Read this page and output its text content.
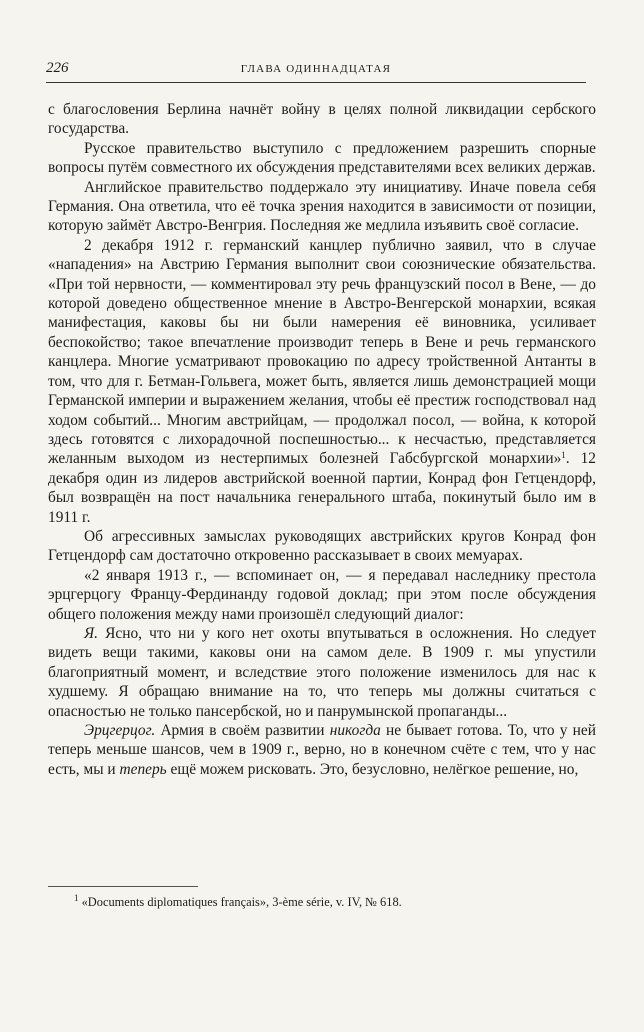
226	ГЛАВА ОДИННАДЦАТАЯ

с благословения Берлина начнёт войну в целях полной ликвидации сербского государства.

Русское правительство выступило с предложением разрешить спорные вопросы путём совместного их обсуждения представителями всех великих держав.

Английское правительство поддержало эту инициативу. Иначе повела себя Германия. Она ответила, что её точка зрения находится в зависимости от позиции, которую займёт Австро-Венгрия. Последняя же медлила изъявить своё согласие.

2 декабря 1912 г. германский канцлер публично заявил, что в случае «нападения» на Австрию Германия выполнит свои союзнические обязательства. «При той нервности, — комментировал эту речь французский посол в Вене, — до которой доведено общественное мнение в Австро-Венгерской монархии, всякая манифестация, каковы бы ни были намерения её виновника, усиливает беспокойство; такое впечатление производит теперь в Вене и речь германского канцлера. Многие усматривают провокацию по адресу тройственной Антанты в том, что для г. Бетман-Гольвега, может быть, является лишь демонстрацией мощи Германской империи и выражением желания, чтобы её престиж господствовал над ходом событий... Многим австрийцам, — продолжал посол, — война, к которой здесь готовятся с лихорадочной поспешностью... к несчастью, представляется желанным выходом из нестерпимых болезней Габсбургской монархии»$^1$. 12 декабря один из лидеров австрийской военной партии, Конрад фон Гетцендорф, был возвращён на пост начальника генерального штаба, покинутый было им в 1911 г.

Об агрессивных замыслах руководящих австрийских кругов Конрад фон Гетцендорф сам достаточно откровенно рассказывает в своих мемуарах.

«2 января 1913 г., — вспоминает он, — я передавал наследнику престола эрцгерцогу Францу-Фердинанду годовой доклад; при этом после обсуждения общего положения между нами произошёл следующий диалог:

Я. Ясно, что ни у кого нет охоты впутываться в осложнения. Но следует видеть вещи такими, каковы они на самом деле. В 1909 г. мы упустили благоприятный момент, и вследствие этого положение изменилось для нас к худшему. Я обращаю внимание на то, что теперь мы должны считаться с опасностью не только пансербской, но и панрумынской пропаганды...

Эрцгерцог. Армия в своём развитии никогда не бывает готова. То, что у ней теперь меньше шансов, чем в 1909 г., верно, но в конечном счёте с тем, что у нас есть, мы и теперь ещё можем рисковать. Это, безусловно, нелёгкое решение, но,

$^1$ «Documents diplomatiques français», 3-ème série, v. IV, № 618.
